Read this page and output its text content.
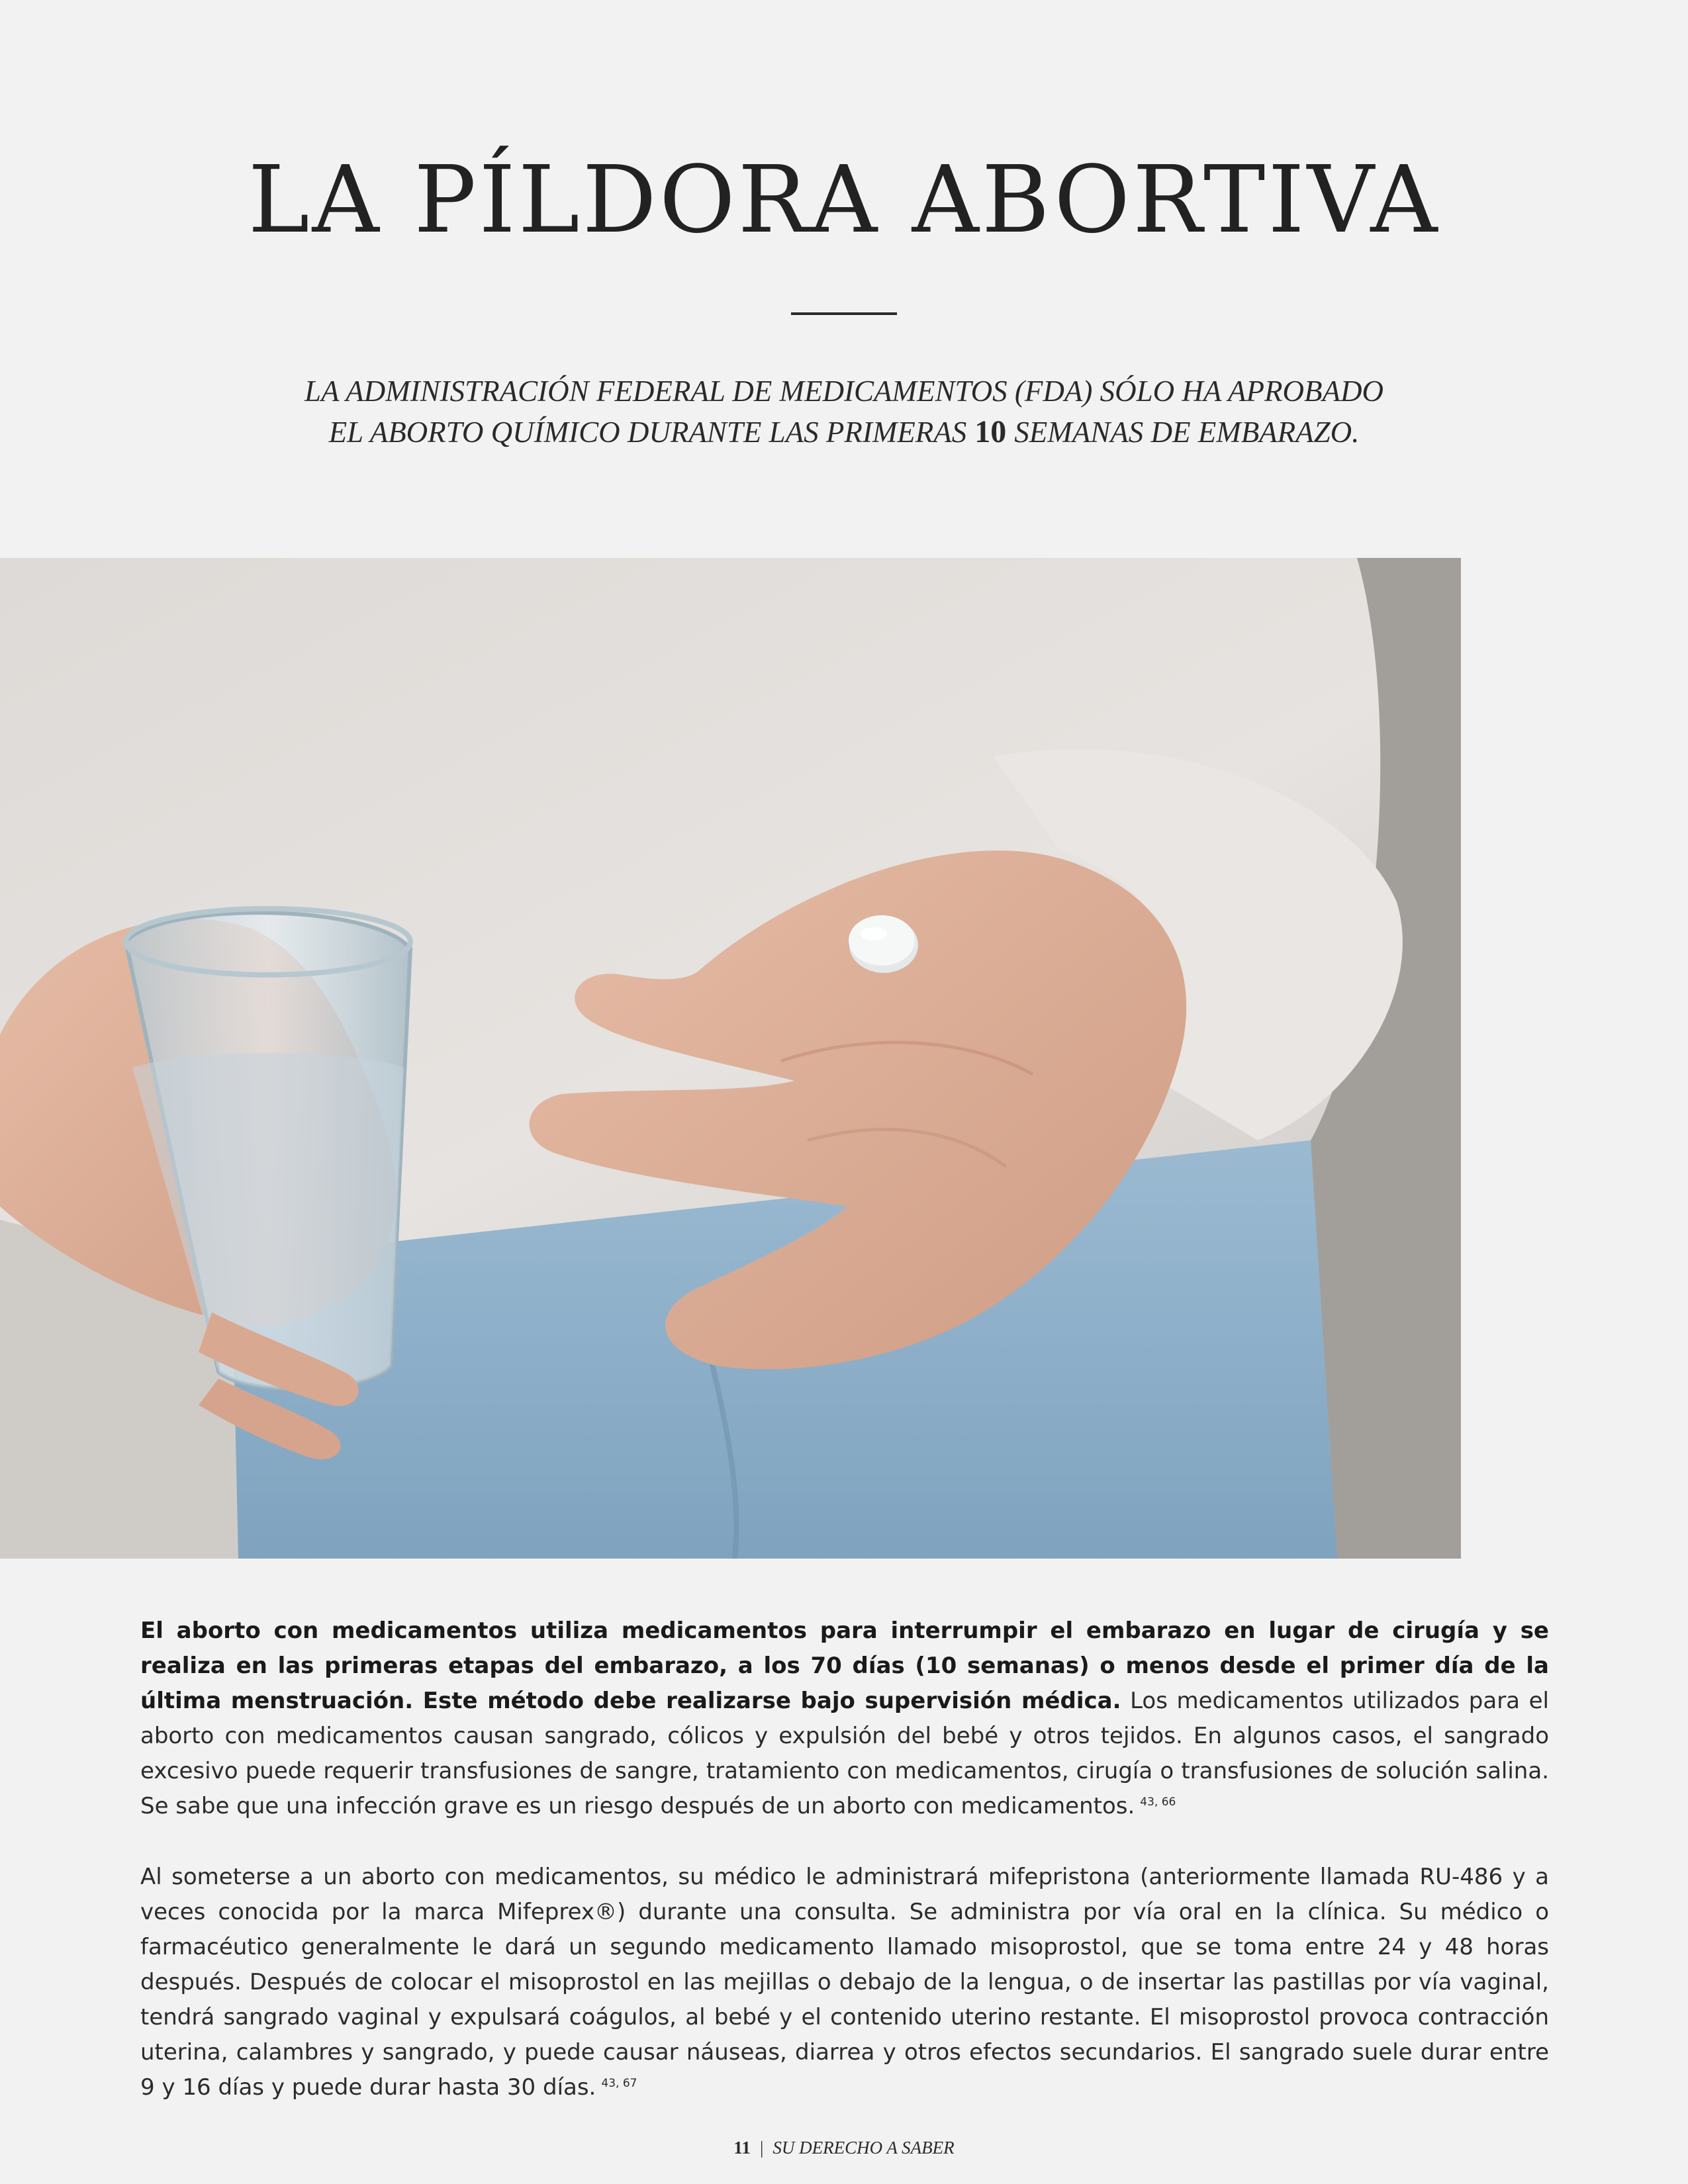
LA PÍLDORA ABORTIVA

LA ADMINISTRACIÓN FEDERAL DE MEDICAMENTOS (FDA) SÓLO HA APROBADO
EL ABORTO QUÍMICO DURANTE LAS PRIMERAS 10 SEMANAS DE EMBARAZO.

El aborto con medicamentos utiliza medicamentos para interrumpir el embarazo en lugar de cirugía y se realiza en las primeras etapas del embarazo, a los 70 días (10 semanas) o menos desde el primer día de la última menstruación. Este método debe realizarse bajo supervisión médica. Los medicamentos utilizados para el aborto con medicamentos causan sangrado, cólicos y expulsión del bebé y otros tejidos. En algunos casos, el sangrado excesivo puede requerir transfusiones de sangre, tratamiento con medicamentos, cirugía o transfusiones de solución salina. Se sabe que una infección grave es un riesgo después de un aborto con medicamentos. $^{43, 66}$

Al someterse a un aborto con medicamentos, su médico le administrará mifepristona (anteriormente llamada RU-486 y a veces conocida por la marca Mifeprex®) durante una consulta. Se administra por vía oral en la clínica. Su médico o farmacéutico generalmente le dará un segundo medicamento llamado misoprostol, que se toma entre 24 y 48 horas después. Después de colocar el misoprostol en las mejillas o debajo de la lengua, o de insertar las pastillas por vía vaginal, tendrá sangrado vaginal y expulsará coágulos, al bebé y el contenido uterino restante. El misoprostol provoca contracción uterina, calambres y sangrado, y puede causar náuseas, diarrea y otros efectos secundarios. El sangrado suele durar entre 9 y 16 días y puede durar hasta 30 días. $^{43, 67}$

11 | SU DERECHO A SABER
